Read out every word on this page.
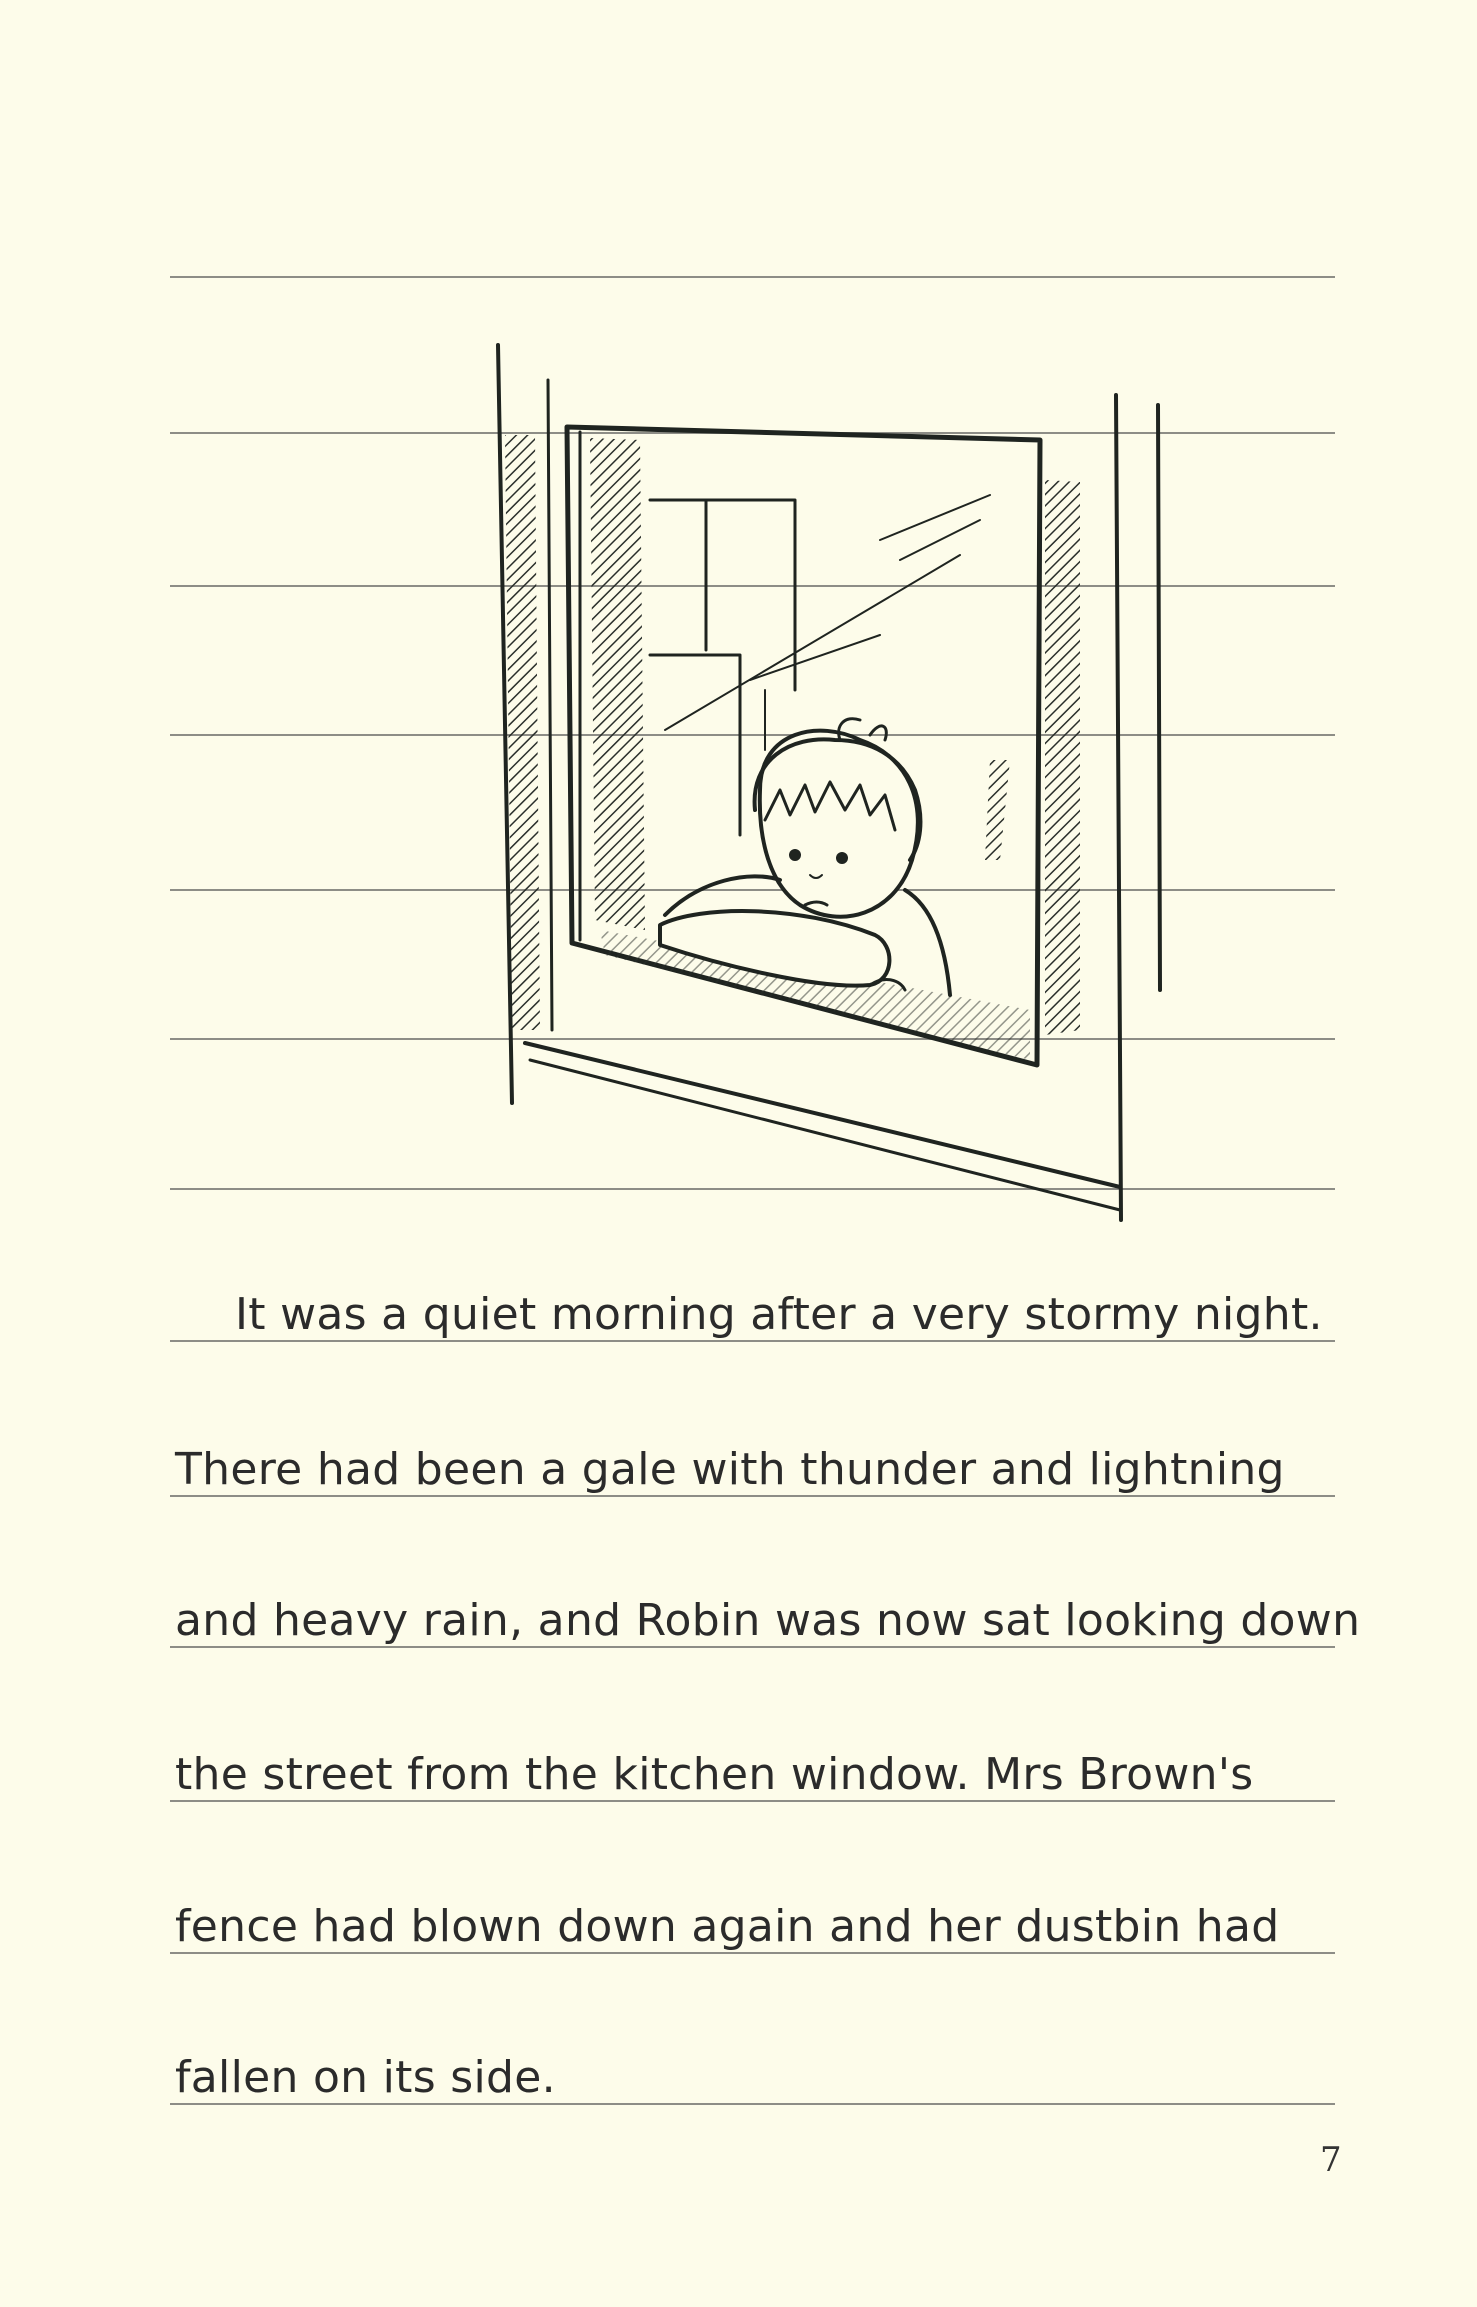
It was a quiet morning after a very stormy night.
There had been a gale with thunder and lightning
and heavy rain, and Robin was now sat looking down
the street from the kitchen window. Mrs Brown's
fence had blown down again and her dustbin had
fallen on its side.
7
